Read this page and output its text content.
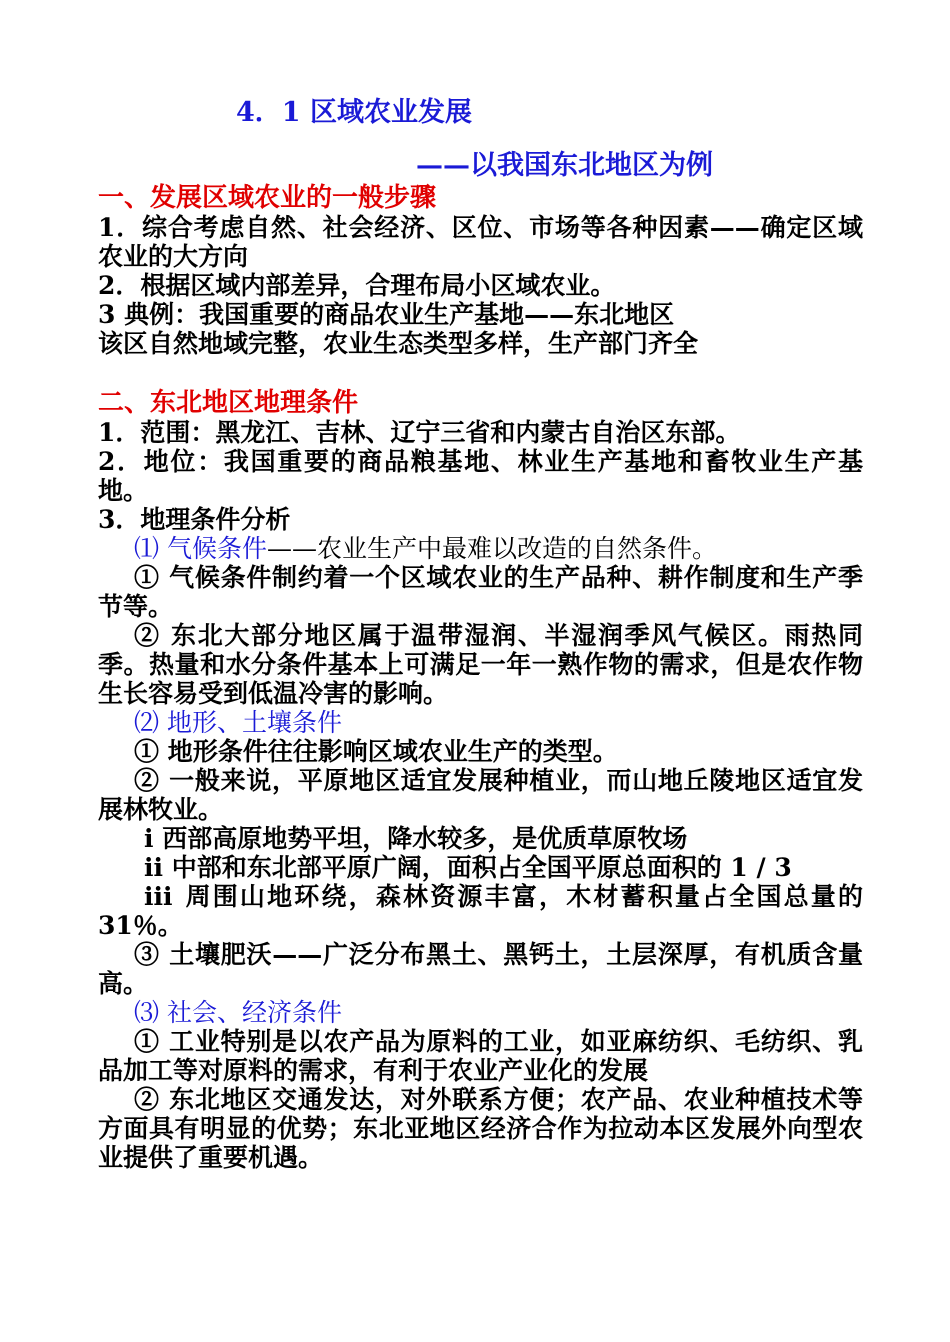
4．1 区域农业发展
——以我国东北地区为例
一、发展区域农业的一般步骤
1．综合考虑自然、社会经济、区位、市场等各种因素——确定区域农业的大方向
2．根据区域内部差异，合理布局小区域农业。
3 典例：我国重要的商品农业生产基地——东北地区
该区自然地域完整，农业生态类型多样，生产部门齐全
二、东北地区地理条件
1．范围：黑龙江、吉林、辽宁三省和内蒙古自治区东部。
2．地位：我国重要的商品粮基地、林业生产基地和畜牧业生产基地。
3．地理条件分析
⑴ 气候条件——农业生产中最难以改造的自然条件。
① 气候条件制约着一个区域农业的生产品种、耕作制度和生产季节等。
② 东北大部分地区属于温带湿润、半湿润季风气候区。雨热同季。热量和水分条件基本上可满足一年一熟作物的需求，但是农作物生长容易受到低温冷害的影响。
⑵ 地形、土壤条件
① 地形条件往往影响区域农业生产的类型。
② 一般来说，平原地区适宜发展种植业，而山地丘陵地区适宜发展林牧业。
ⅰ 西部高原地势平坦，降水较多，是优质草原牧场
ⅱ 中部和东北部平原广阔，面积占全国平原总面积的 1 / 3
ⅲ 周围山地环绕，森林资源丰富，木材蓄积量占全国总量的 31％。
③ 土壤肥沃——广泛分布黑土、黑钙土，土层深厚，有机质含量高。
⑶ 社会、经济条件
① 工业特别是以农产品为原料的工业，如亚麻纺织、毛纺织、乳品加工等对原料的需求，有利于农业产业化的发展
② 东北地区交通发达，对外联系方便；农产品、农业种植技术等方面具有明显的优势；东北亚地区经济合作为拉动本区发展外向型农业提供了重要机遇。
